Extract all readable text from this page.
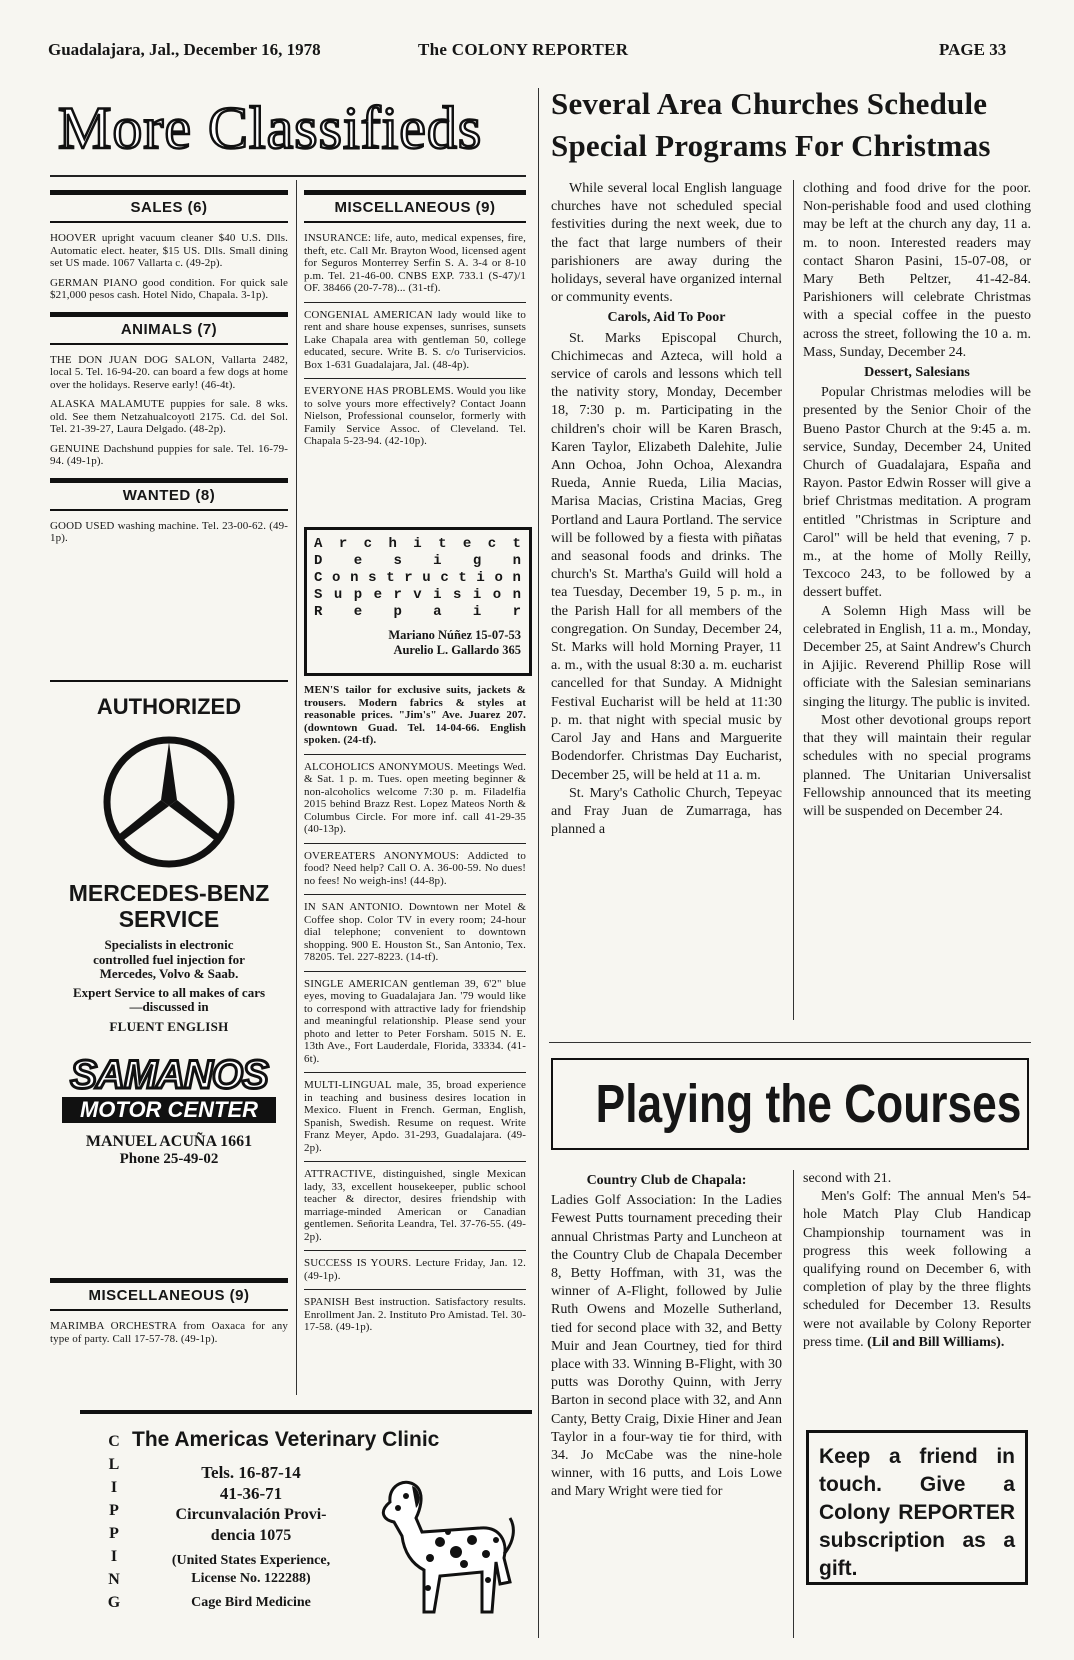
Guadalajara, Jal., December 16, 1978	The COLONY REPORTER	PAGE 33
More Classifieds
SALES (6)

HOOVER upright vacuum cleaner $40 U.S. Dlls. Automatic elect. heater, $15 US. Dlls. Small dining set US made. 1067 Vallarta c. (49-2p).

GERMAN PIANO good condition. For quick sale $21,000 pesos cash. Hotel Nido, Chapala. 3-1p).

ANIMALS (7)

THE DON JUAN DOG SALON, Vallarta 2482, local 5. Tel. 16-94-20. can board a few dogs at home over the holidays. Reserve early! (46-4t).

ALASKA MALAMUTE puppies for sale. 8 wks. old. See them Netzahualcoyotl 2175. Cd. del Sol. Tel. 21-39-27, Laura Delgado. (48-2p).

GENUINE Dachshund puppies for sale. Tel. 16-79-94. (49-1p).

WANTED (8)

GOOD USED washing machine. Tel. 23-00-62. (49-1p).

AUTHORIZED
MERCEDES-BENZ
SERVICE
Specialists in electronic controlled fuel injection for Mercedes, Volvo & Saab.
Expert Service to all makes of cars—discussed in
FLUENT ENGLISH
SAMANOS
MOTOR CENTER
MANUEL ACUÑA 1661
Phone 25-49-02
MISCELLANEOUS (9)

MARIMBA ORCHESTRA from Oaxaca for any type of party. Call 17-57-78. (49-1p).

MISCELLANEOUS (9)

INSURANCE: life, auto, medical expenses, fire, theft, etc. Call Mr. Brayton Wood, licensed agent for Seguros Monterrey Serfin S. A. 3-4 or 8-10 p.m. Tel. 21-46-00. CNBS EXP. 733.1 (S-47)/1 OF. 38466 (20-7-78)... (31-tf).

CONGENIAL AMERICAN lady would like to rent and share house expenses, sunrises, sunsets Lake Chapala area with gentleman 50, college educated, secure. Write B. S. c/o Turiservicios. Box 1-631 Guadalajara, Jal. (48-4p).

EVERYONE HAS PROBLEMS. Would you like to solve yours more effectively? Contact Joann Nielson, Professional counselor, formerly with Family Service Assoc. of Cleveland. Tel. Chapala 5-23-94. (42-10p).

A r c h i t e c t
D e s i g n
C o n s t r u c t i o n
S u p e r v i s i o n
R e p a i r
Mariano Núñez 15-07-53
Aurelio L. Gallardo 365

MEN'S tailor for exclusive suits, jackets & trousers. Modern fabrics & styles at reasonable prices. "Jim's" Ave. Juarez 207. (downtown Guad. Tel. 14-04-66. English spoken. (24-tf).

ALCOHOLICS ANONYMOUS. Meetings Wed. & Sat. 1 p. m. Tues. open meeting beginner & non-alcoholics welcome 7:30 p. m. Filadelfia 2015 behind Brazz Rest. Lopez Mateos North & Columbus Circle. For more inf. call 41-29-35 (40-13p).

OVEREATERS ANONYMOUS: Addicted to food? Need help? Call O. A. 36-00-59. No dues! no fees! No weigh-ins! (44-8p).

IN SAN ANTONIO. Downtown ner Motel & Coffee shop. Color TV in every room; 24-hour dial telephone; convenient to downtown shopping. 900 E. Houston St., San Antonio, Tex. 78205. Tel. 227-8223. (14-tf).

SINGLE AMERICAN gentleman 39, 6'2" blue eyes, moving to Guadalajara Jan. '79 would like to correspond with attractive lady for friendship and meaningful relationship. Please send your photo and letter to Peter Forsham. 5015 N. E. 13th Ave., Fort Lauderdale, Florida, 33334. (41-6t).

MULTI-LINGUAL male, 35, broad experience in teaching and business desires location in Mexico. Fluent in French. German, English, Spanish, Swedish. Resume on request. Write Franz Meyer, Apdo. 31-293, Guadalajara. (49-2p).

ATTRACTIVE, distinguished, single Mexican lady, 33, excellent housekeeper, public school teacher & director, desires friendship with marriage-minded American or Canadian gentlemen. Señorita Leandra, Tel. 37-76-55. (49-2p).

SUCCESS IS YOURS. Lecture Friday, Jan. 12. (49-1p).

SPANISH Best instruction. Satisfactory results. Enrollment Jan. 2. Instituto Pro Amistad. Tel. 30-17-58. (49-1p).

C
L
I
P
P
I
N
G
The Americas Veterinary Clinic
Tels. 16-87-14
41-36-71
Circunvalación Provi-
dencia 1075
(United States Experience,
License No. 122288)
Cage Bird Medicine
Several Area Churches Schedule
Special Programs For Christmas

While several local English language churches have not scheduled special festivities during the next week, due to the fact that large numbers of their parishioners are away during the holidays, several have organized internal or community events.

Carols, Aid To Poor

St. Marks Episcopal Church, Chichimecas and Azteca, will hold a service of carols and lessons which tell the nativity story, Monday, December 18, 7:30 p. m. Participating in the children's choir will be Karen Brasch, Karen Taylor, Elizabeth Dalehite, Julie Ann Ochoa, John Ochoa, Alexandra Rueda, Annie Rueda, Lilia Macias, Marisa Macias, Cristina Macias, Greg Portland and Laura Portland. The service will be followed by a fiesta with piñatas and seasonal foods and drinks. The church's St. Martha's Guild will hold a tea Tuesday, December 19, 5 p. m., in the Parish Hall for all members of the congregation. On Sunday, December 24, St. Marks will hold Morning Prayer, 11 a. m., with the usual 8:30 a. m. eucharist cancelled for that Sunday. A Midnight Festival Eucharist will be held at 11:30 p. m. that night with special music by Carol Jay and Hans and Marguerite Bodendorfer. Christmas Day Eucharist, December 25, will be held at 11 a. m.

St. Mary's Catholic Church, Tepeyac and Fray Juan de Zumarraga, has planned a

clothing and food drive for the poor. Non-perishable food and used clothing may be left at the church any day, 11 a. m. to noon. Interested readers may contact Sharon Pasini, 15-07-08, or Mary Beth Peltzer, 41-42-84. Parishioners will celebrate Christmas with a special coffee in the puesto across the street, following the 10 a. m. Mass, Sunday, December 24.

Dessert, Salesians

Popular Christmas melodies will be presented by the Senior Choir of the Bueno Pastor Church at the 9:45 a. m. service, Sunday, December 24, United Church of Guadalajara, España and Rayon. Pastor Edwin Rosser will give a brief Christmas meditation. A program entitled "Christmas in Scripture and Carol" will be held that evening, 7 p. m., at the home of Molly Reilly, Texcoco 243, to be followed by a dessert buffet.

A Solemn High Mass will be celebrated in English, 11 a. m., Monday, December 25, at Saint Andrew's Church in Ajijic. Reverend Phillip Rose will officiate with the Salesian seminarians singing the liturgy. The public is invited.

Most other devotional groups report that they will maintain their regular schedules with no special programs planned. The Unitarian Universalist Fellowship announced that its meeting will be suspended on December 24.

Playing the Courses
Country Club de Chapala:

Ladies Golf Association: In the Ladies Fewest Putts tournament preceding their annual Christmas Party and Luncheon at the Country Club de Chapala December 8, Betty Hoffman, with 31, was the winner of A-Flight, followed by Julie Ruth Owens and Mozelle Sutherland, tied for second place with 32, and Betty Muir and Jean Courtney, tied for third place with 33. Winning B-Flight, with 30 putts was Dorothy Quinn, with Jerry Barton in second place with 32, and Ann Canty, Betty Craig, Dixie Hiner and Jean Taylor in a four-way tie for third, with 34. Jo McCabe was the nine-hole winner, with 16 putts, and Lois Lowe and Mary Wright were tied for

second with 21.

Men's Golf: The annual Men's 54-hole Match Play Club Handicap Championship tournament was in progress this week following a qualifying round on December 6, with completion of play by the three flights scheduled for December 13. Results were not available by Colony Reporter press time. (Lil and Bill Williams).

Keep a friend in touch. Give a Colony REPORTER subscription as a gift.
